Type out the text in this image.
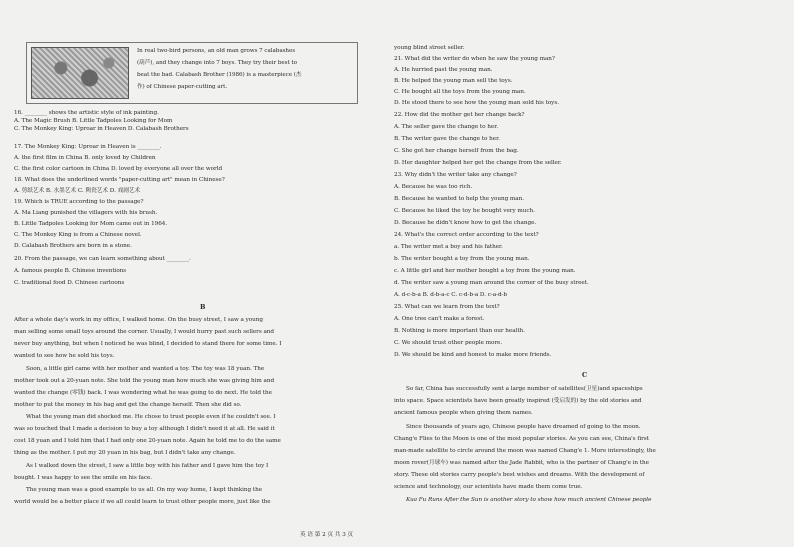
In real two-bird persons, an old man grows 7 calabashes
(葫芦), and they change into 7 boys. They try their best to
beat the bad. Calabash Brother (1986) is a masterpiece (杰
作) of Chinese paper-cutting art.
16. ________ shows the artistic style of ink painting.
A. The Magic Brush B. Little Tadpoles Looking for Mom
C. The Monkey King: Uproar in Heaven D. Calabash Brothers
17. The Monkey King: Uproar in Heaven is ________.
A. the first film in China B. only loved by Children
C. the first color cartoon in China D. loved by everyone all over the world
18. What does the underlined words "paper-cutting art" mean in Chinese?
A. 剪纸艺术 B. 水墨艺术 C. 陶瓷艺术 D. 戏剧艺术
19. Which is TRUE according to the passage?
A. Ma Liang punished the villagers with his brush.
B. Little Tadpoles Looking for Mom came out in 1964.
C. The Monkey King is from a Chinese novel.
D. Calabash Brothers are born in a stone.
20. From the passage, we can learn something about ________.
A. famous people B. Chinese inventions
C. traditional food D. Chinese cartoons
B
After a whole day's work in my office, I walked home. On the busy street, I saw a young
man selling some small toys around the corner. Usually, I would hurry past such sellers and
never buy anything, but when I noticed he was blind, I decided to stand there for some time. I
wanted to see how he sold his toys.
Soon, a little girl came with her mother and wanted a toy. The toy was 18 yuan. The
mother took out a 20-yuan note. She told the young man how much she was giving him and
wanted the change (零钱) back. I was wondering what he was going to do next. He told the
mother to put the money in his bag and get the change herself. Then she did so.
What the young man did shocked me. He chose to trust people even if he couldn't see. I
was so touched that I made a decision to buy a toy although I didn't need it at all. He said it
cost 18 yuan and I told him that I had only one 20-yuan note. Again he told me to do the same
thing as the mother. I put my 20 yuan in his bag, but I didn't take any change.
As I walked down the street, I saw a little boy with his father and I gave him the toy I
bought. I was happy to see the smile on his face.
The young man was a good example to us all. On my way home, I kept thinking the
world would be a better place if we all could learn to trust other people more, just like the
young blind street seller.
21. What did the writer do when he saw the young man?
A. He hurried past the young man.
B. He helped the young man sell the toys.
C. He bought all the toys from the young man.
D. He stood there to see how the young man sold his toys.
22. How did the mother get her change back?
A. The seller gave the change to her.
B. The writer gave the change to her.
C. She got her change herself from the bag.
D. Her daughter helped her get the change from the seller.
23. Why didn't the writer take any change?
A. Because he was too rich.
B. Because he wanted to help the young man.
C. Because he liked the toy he bought very much.
D. Because he didn't know how to get the change.
24. What's the correct order according to the text?
a. The writer met a boy and his father.
b. The writer bought a toy from the young man.
c. A little girl and her mother bought a toy from the young man.
d. The writer saw a young man around the corner of the busy street.
A. d-c-b-a B. d-b-a-c C. c-d-b-a D. c-a-d-b
25. What can we learn from the text?
A. One tree can't make a forest.
B. Nothing is more important than our health.
C. We should trust other people more.
D. We should be kind and honest to make more friends.
C
So far, China has successfully sent a large number of satellites(卫星)and spaceships
into space. Space scientists have been greatly inspired (受启发的) by the old stories and
ancient famous people when giving them names.
Since thousands of years ago, Chinese people have dreamed of going to the moon.
Chang'e Flies to the Moon is one of the most popular stories. As you can see, China's first
man-made satellite to circle around the moon was named Chang'e 1. More interestingly, the
moon rover(月球车) was named after the Jade Rabbit, who is the partner of Chang'e in the
story. These old stories carry people's best wishes and dreams. With the development of
science and technology, our scientists have made them come true.
Kua Fu Runs After the Sun is another story to show how much ancient Chinese people
英 语 第 2 页 共 3 页
